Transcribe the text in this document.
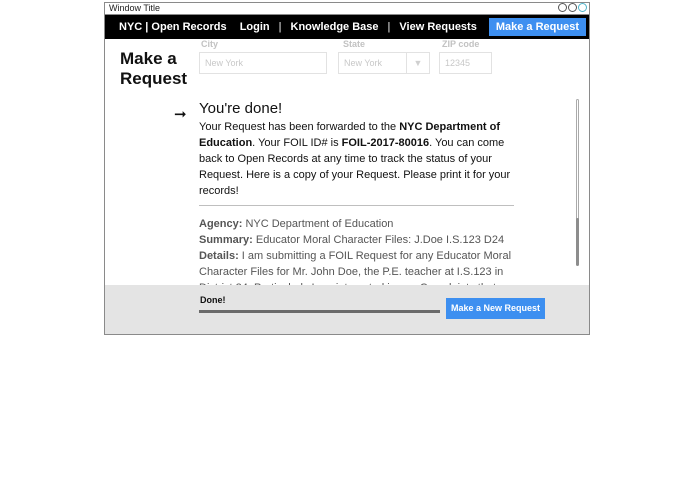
Window Title
NYC | Open Records Login | Knowledge Base | View Requests	Make a Request
Make a
Request
City
New York
State
New York	▼
ZIP code
12345
➞ You're done!

Your Request has been forwarded to the NYC Department of Education. Your FOIL ID# is FOIL-2017-80016. You can come back to Open Records at any time to track the status of your Request. Here is a copy of your Request. Please print it for your records!

Agency: NYC Department of Education

Summary: Educator Moral Character Files: J.Doe I.S.123 D24

Details: I am submitting a FOIL Request for any Educator Moral Character Files for Mr. John Doe, the P.E. teacher at I.S.123 in

Done!
Make a New Request
